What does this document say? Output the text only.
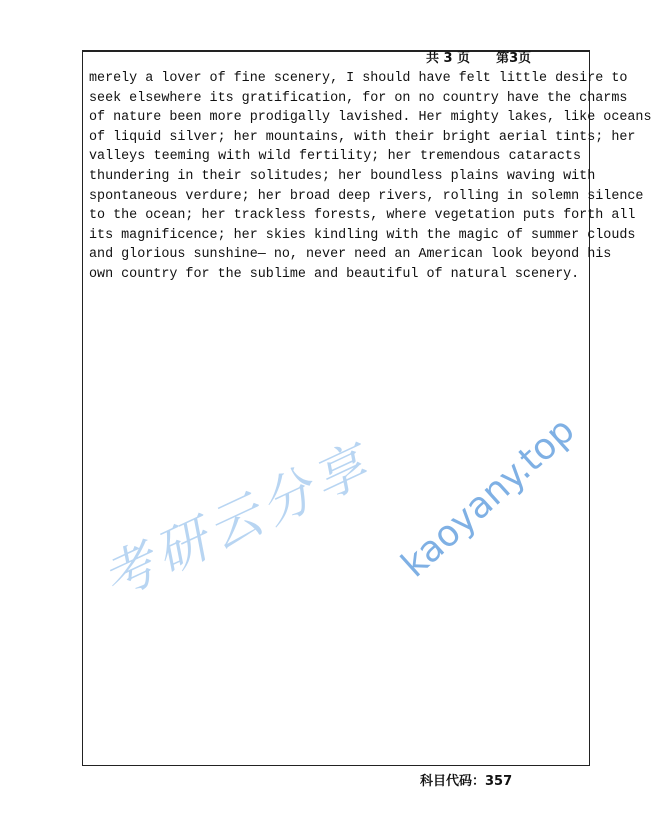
共 3 页 第3页
merely a lover of fine scenery, I should have felt little desire to
seek elsewhere its gratification, for on no country have the charms
of nature been more prodigally lavished. Her mighty lakes, like oceans
of liquid silver; her mountains, with their bright aerial tints; her
valleys teeming with wild fertility; her tremendous cataracts
thundering in their solitudes; her boundless plains waving with
spontaneous verdure; her broad deep rivers, rolling in solemn silence
to the ocean; her trackless forests, where vegetation puts forth all
its magnificence; her skies kindling with the magic of summer clouds
and glorious sunshine— no, never need an American look beyond his
own country for the sublime and beautiful of natural scenery.
考研云分享 kaoyany.top
科目代码：357
